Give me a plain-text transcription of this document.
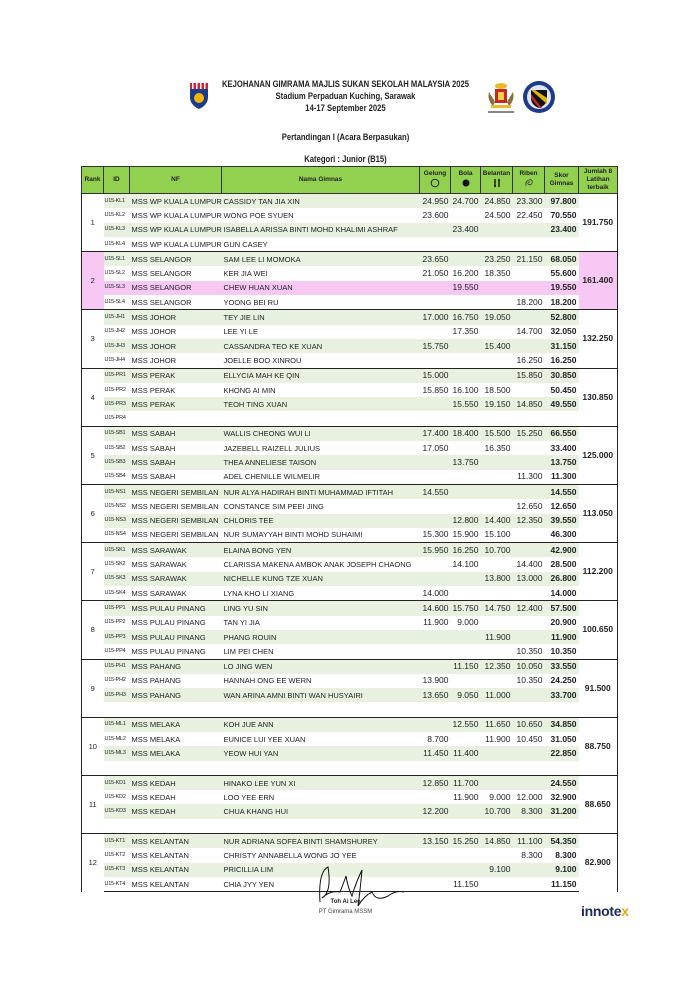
KEJOHANAN GIMRAMA MAJLIS SUKAN SEKOLAH MALAYSIA 2025
Stadium Perpaduan Kuching, Sarawak
14-17 September 2025
Pertandingan I (Acara Berpasukan)
Kategori : Junior (B15)
Rank	ID	NF	Nama Gimnas	Gelung	Bola	Belantan	Riben	Skor Gimnas	Jumlah 8 Latihan terbaik
1	U15-KL1	MSS WP KUALA LUMPUR	CASSIDY TAN JIA XIN	24.950	24.700	24.850	23.300	97.800	191.750
	U15-KL2	MSS WP KUALA LUMPUR	WONG POE SYUEN	23.600		24.500	22.450	70.550	
	U15-KL3	MSS WP KUALA LUMPUR	ISABELLA ARISSA BINTI MOHD KHALIMI ASHRAF		23.400			23.400	
	U15-KL4	MSS WP KUALA LUMPUR	GUN CASEY						
2	U15-SL1	MSS SELANGOR	SAM LEE LI MOMOKA	23.650		23.250	21.150	68.050	161.400
	U15-SL2	MSS SELANGOR	KER JIA WEI	21.050	16.200	18.350		55.600	
	U15-SL3	MSS SELANGOR	CHEW HUAN XUAN		19.550			19.550	
	U15-SL4	MSS SELANGOR	YOONG BEI RU				18.200	18.200	
3	U15-JH1	MSS JOHOR	TEY JIE LIN	17.000	16.750	19.050		52.800	132.250
	U15-JH2	MSS JOHOR	LEE YI LE		17.350		14.700	32.050	
	U15-JH3	MSS JOHOR	CASSANDRA TEO KE XUAN	15.750		15.400		31.150	
	U15-JH4	MSS JOHOR	JOELLE BOO XINROU				16.250	16.250	
4	U15-PR1	MSS PERAK	ELLYCIA MAH KE QIN	15.000			15.850	30.850	130.850
	U15-PR2	MSS PERAK	KHONG AI MIN	15.850	16.100	18.500		50.450	
	U15-PR3	MSS PERAK	TEOH TING XUAN		15.550	19.150	14.850	49.550	
	U15-PR4								
5	U15-SB1	MSS SABAH	WALLIS CHEONG WUI LI	17.400	18.400	15.500	15.250	66.550	125.000
	U15-SB2	MSS SABAH	JAZEBELL RAIZELL JULIUS	17.050		16.350		33.400	
	U15-SB3	MSS SABAH	THEA ANNELIESE TAISON		13.750			13.750	
	U15-SB4	MSS SABAH	ADEL CHENILLE WILMELIR				11.300	11.300	
6	U15-NS1	MSS NEGERI SEMBILAN	NUR ALYA HADIRAH BINTI MUHAMMAD IFTITAH	14.550				14.550	113.050
	U15-NS2	MSS NEGERI SEMBILAN	CONSTANCE SIM PEEI JING				12.650	12.650	
	U15-NS3	MSS NEGERI SEMBILAN	CHLORIS TEE		12.800	14.400	12.350	39.550	
	U15-NS4	MSS NEGERI SEMBILAN	NUR SUMAYYAH BINTI MOHD SUHAIMI	15.300	15.900	15.100		46.300	
7	U15-SK1	MSS SARAWAK	ELAINA BONG YEN	15.950	16.250	10.700		42.900	112.200
	U15-SK2	MSS SARAWAK	CLARISSA MAKENA AMBOK ANAK JOSEPH CHAONG		14.100		14.400	28.500	
	U15-SK3	MSS SARAWAK	NICHELLE KUNG TZE XUAN			13.800	13.000	26.800	
	U15-SK4	MSS SARAWAK	LYNA KHO LI XIANG	14.000				14.000	
8	U15-PP1	MSS PULAU PINANG	LING YU SIN	14.600	15.750	14.750	12.400	57.500	100.650
	U15-PP2	MSS PULAU PINANG	TAN YI JIA	11.900	9.000			20.900	
	U15-PP3	MSS PULAU PINANG	PHANG ROUIN			11.900		11.900	
	U15-PP4	MSS PULAU PINANG	LIM PEI CHEN				10.350	10.350	
9	U15-PH1	MSS PAHANG	LO JING WEN		11.150	12.350	10.050	33.550	91.500
	U15-PH2	MSS PAHANG	HANNAH ONG EE WERN	13.900			10.350	24.250	
	U15-PH3	MSS PAHANG	WAN ARINA AMNI BINTI WAN HUSYAIRI	13.650	9.050	11.000		33.700	

10	U15-ML1	MSS MELAKA	KOH JUE ANN		12.550	11.650	10.650	34.850	88.750
	U15-ML2	MSS MELAKA	EUNICE LUI YEE XUAN	8.700		11.900	10.450	31.050	
	U15-ML3	MSS MELAKA	YEOW HUI YAN	11.450	11.400			22.850	

11	U15-KD1	MSS KEDAH	HINAKO LEE YUN XI	12.850	11.700			24.550	88.650
	U15-KD2	MSS KEDAH	LOO YEE ERN		11.900	9.000	12.000	32.900	
	U15-KD3	MSS KEDAH	CHUA KHANG HUI	12.200		10.700	8.300	31.200	

12	U15-KT1	MSS KELANTAN	NUR ADRIANA SOFEA BINTI SHAMSHUREY	13.150	15.250	14.850	11.100	54.350	82.900
	U15-KT2	MSS KELANTAN	CHRISTY ANNABELLA WONG JO YEE				8.300	8.300	
	U15-KT3	MSS KELANTAN	PRICILLIA LIM			9.100		9.100	
	U15-KT4	MSS KELANTAN	CHIA JYY YEN		11.150			11.150	
Toh Ai Lee
PT Gimrama MSSM	innotex
